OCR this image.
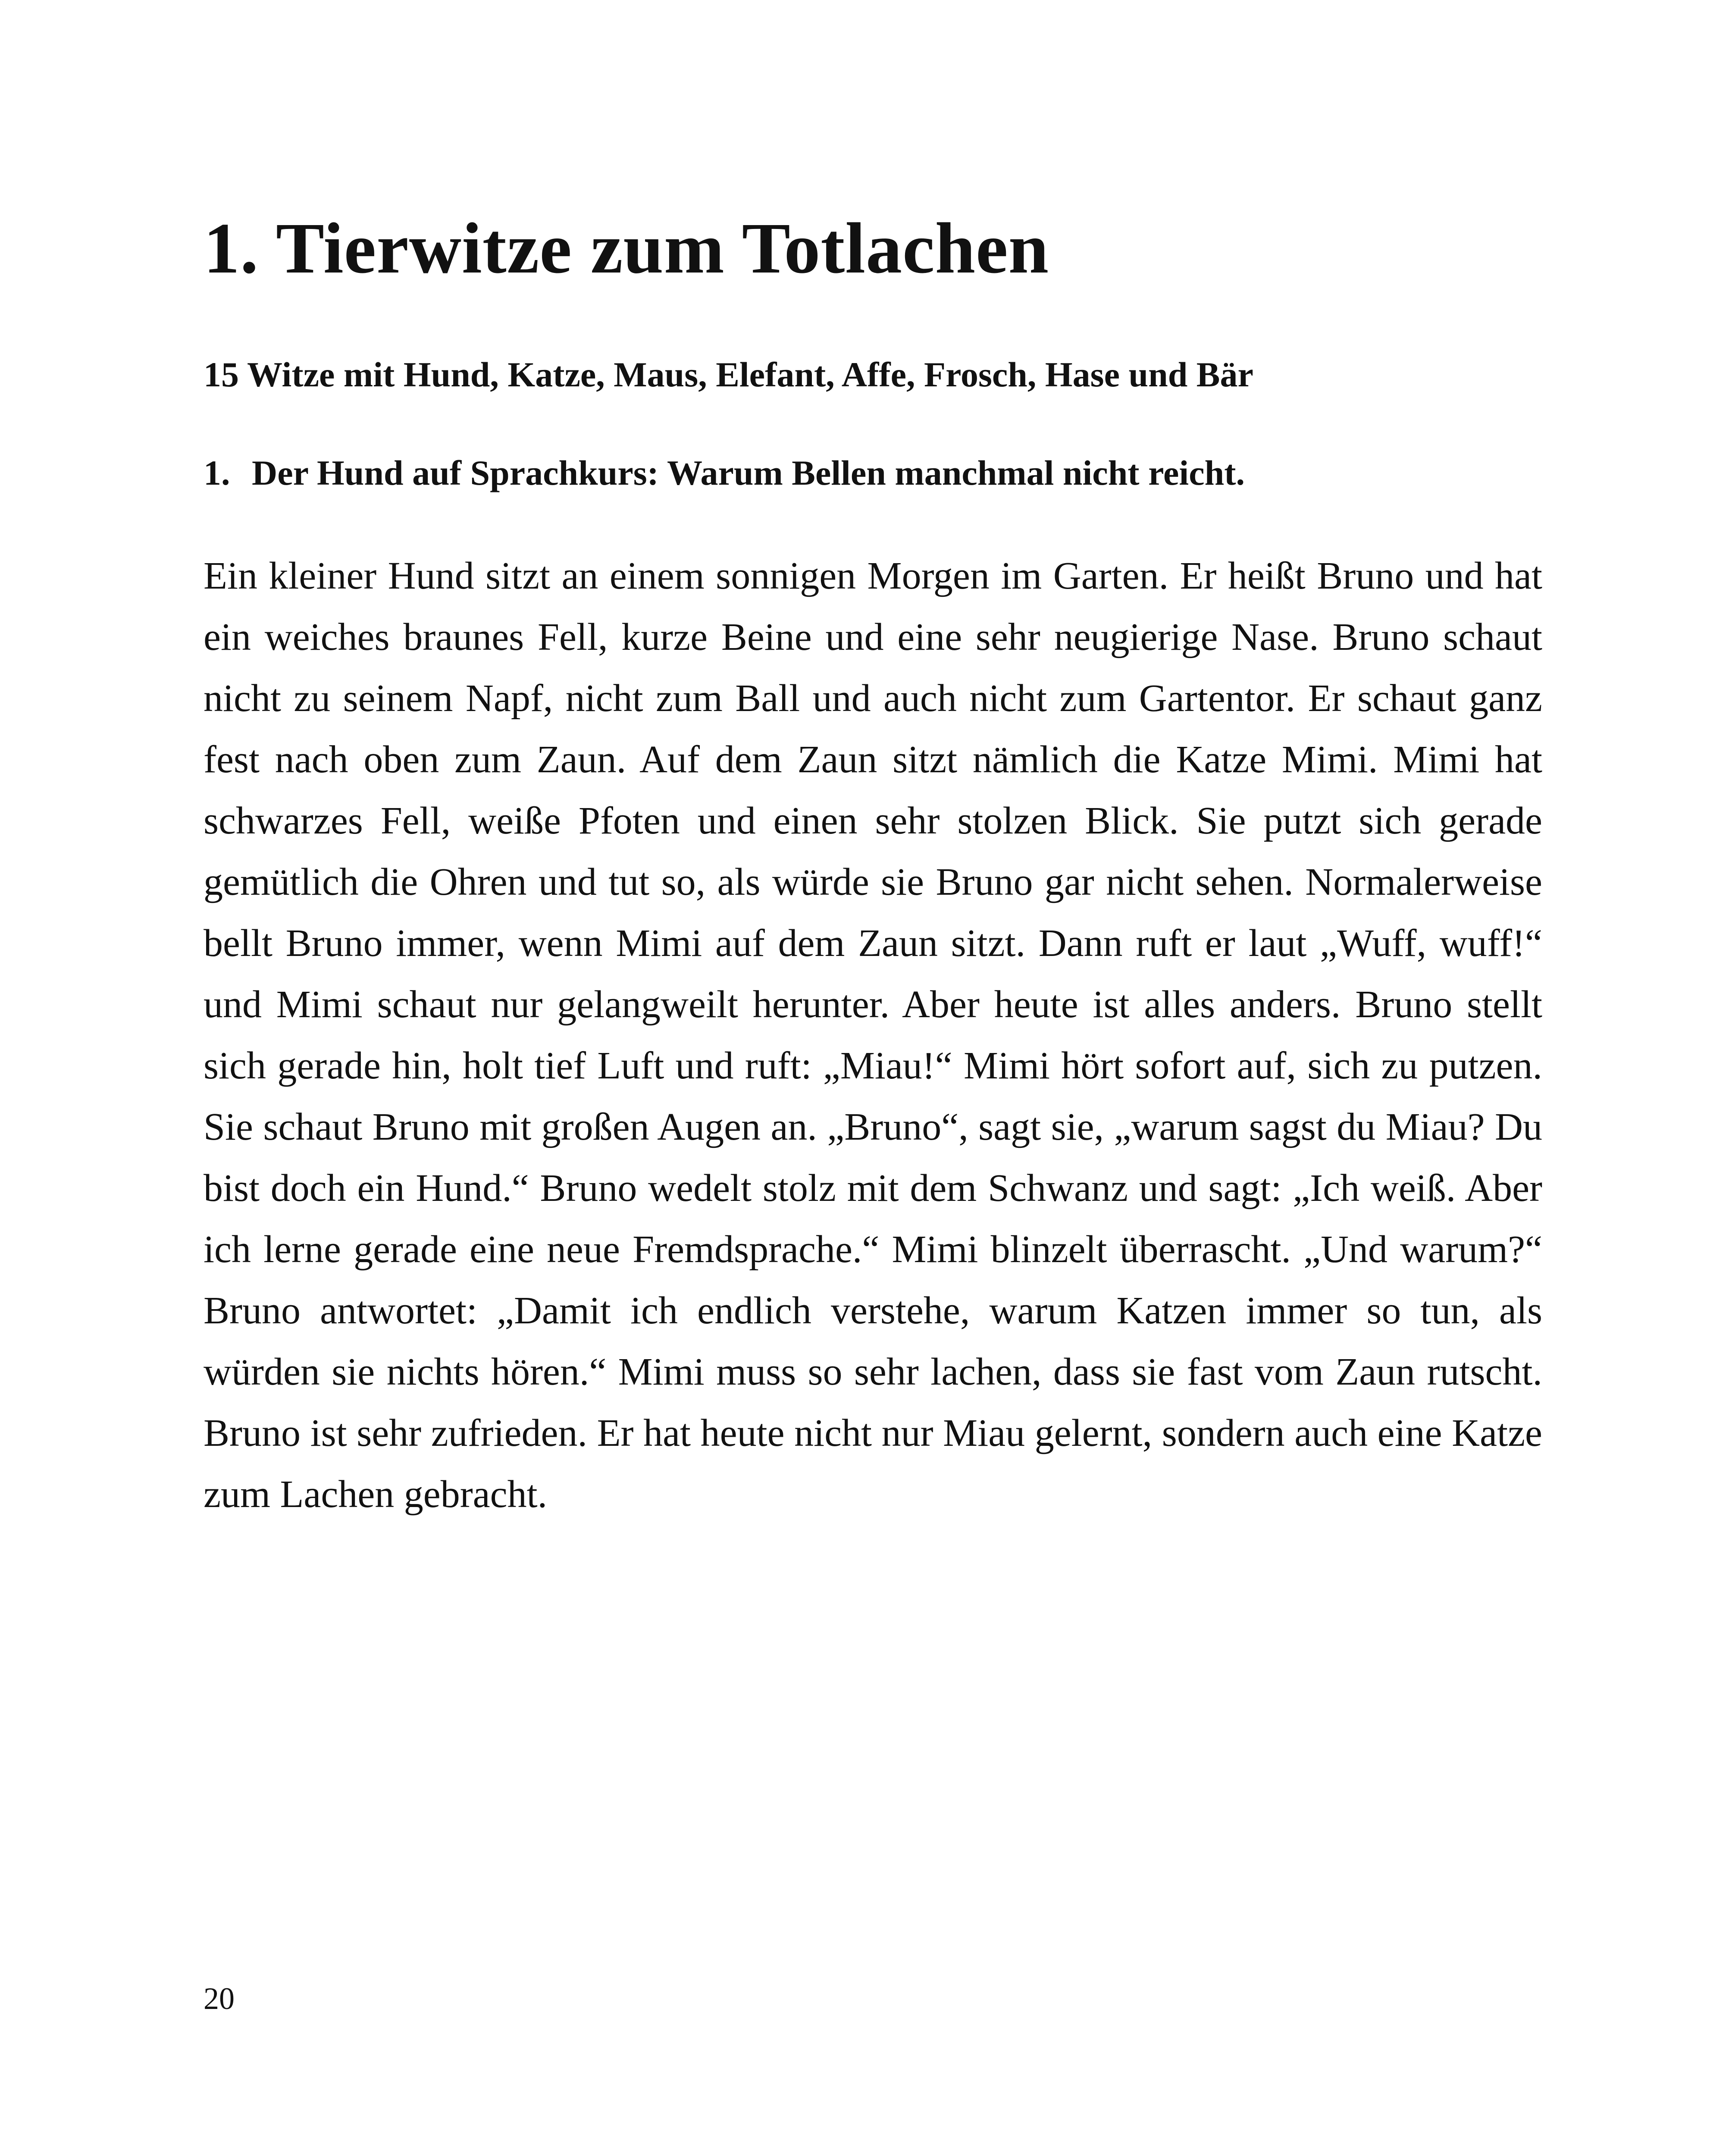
1. Tierwitze zum Totlachen
15 Witze mit Hund, Katze, Maus, Elefant, Affe, Frosch, Hase und Bär
1. Der Hund auf Sprachkurs: Warum Bellen manchmal nicht reicht.

Ein kleiner Hund sitzt an einem sonnigen Morgen im Garten. Er heißt Bruno und hat ein weiches braunes Fell, kurze Beine und eine sehr neugierige Nase. Bruno schaut nicht zu seinem Napf, nicht zum Ball und auch nicht zum Gartentor. Er schaut ganz fest nach oben zum Zaun. Auf dem Zaun sitzt nämlich die Katze Mimi. Mimi hat schwarzes Fell, weiße Pfoten und einen sehr stolzen Blick. Sie putzt sich gerade gemütlich die Ohren und tut so, als würde sie Bruno gar nicht sehen. Normalerweise bellt Bruno immer, wenn Mimi auf dem Zaun sitzt. Dann ruft er laut „Wuff, wuff!“ und Mimi schaut nur gelangweilt herunter. Aber heute ist alles anders. Bruno stellt sich gerade hin, holt tief Luft und ruft: „Miau!“ Mimi hört sofort auf, sich zu putzen. Sie schaut Bruno mit großen Augen an. „Bruno“, sagt sie, „warum sagst du Miau? Du bist doch ein Hund.“ Bruno wedelt stolz mit dem Schwanz und sagt: „Ich weiß. Aber ich lerne gerade eine neue Fremdsprache.“ Mimi blinzelt überrascht. „Und warum?“ Bruno antwortet: „Damit ich endlich verstehe, warum Katzen immer so tun, als würden sie nichts hören.“ Mimi muss so sehr lachen, dass sie fast vom Zaun rutscht. Bruno ist sehr zufrieden. Er hat heute nicht nur Miau gelernt, sondern auch eine Katze zum Lachen gebracht.

20
